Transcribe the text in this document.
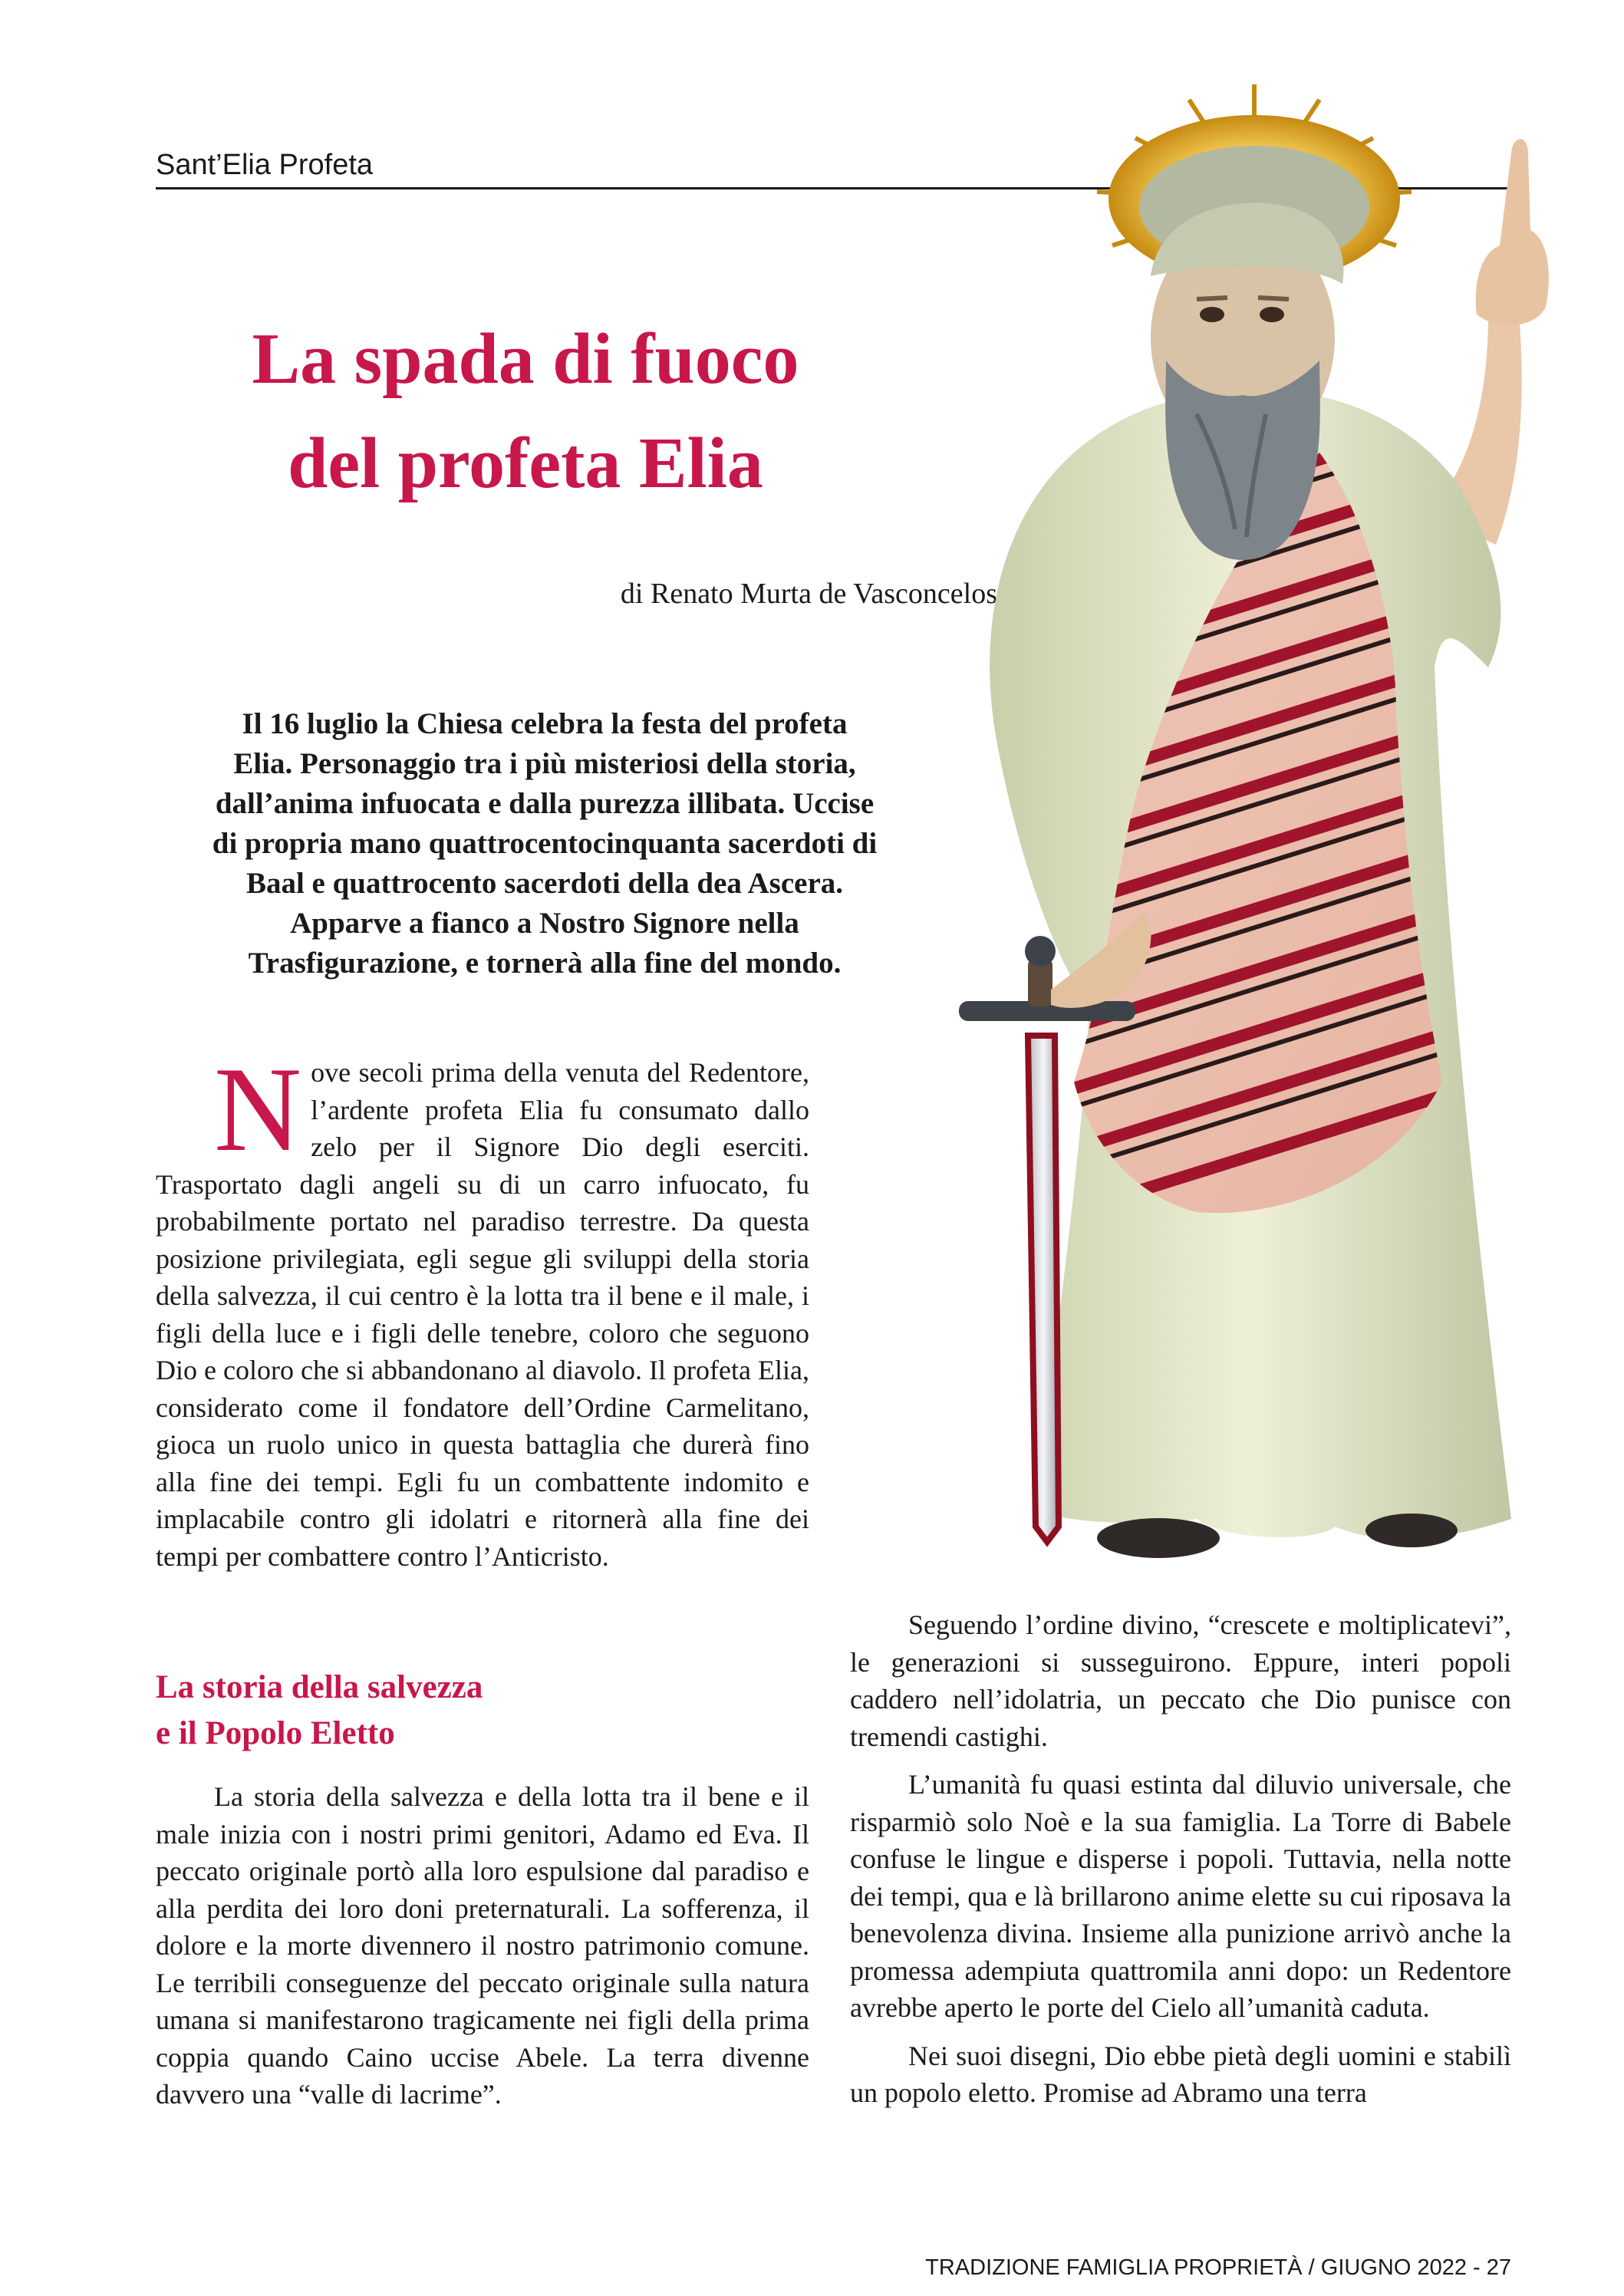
Sant’Elia Profeta
La spada di fuoco
del profeta Elia
di Renato Murta de Vasconcelos
Il 16 luglio la Chiesa celebra la festa del profeta
Elia. Personaggio tra i più misteriosi della storia,
dall’anima infuocata e dalla purezza illibata. Uccise
di propria mano quattrocentocinquanta sacerdoti di
Baal e quattrocento sacerdoti della dea Ascera.
Apparve a fianco a Nostro Signore nella
Trasfigurazione, e tornerà alla fine del mondo.
N ove secoli prima della venuta del Redentore, l’ardente profeta Elia fu consumato dallo zelo per il Signore Dio degli eserciti. Trasportato dagli angeli su di un carro infuocato, fu probabilmente portato nel paradiso terrestre. Da questa posizione privilegiata, egli segue gli sviluppi della storia della salvezza, il cui centro è la lotta tra il bene e il male, i figli della luce e i figli delle tenebre, coloro che seguono Dio e coloro che si abbandonano al diavolo. Il profeta Elia, considerato come il fondatore dell’Ordine Carmelitano, gioca un ruolo unico in questa battaglia che durerà fino alla fine dei tempi. Egli fu un combattente indomito e implacabile contro gli idolatri e ritornerà alla fine dei tempi per combattere contro l’Anticristo.

La storia della salvezza
e il Popolo Eletto

La storia della salvezza e della lotta tra il bene e il male inizia con i nostri primi genitori, Adamo ed Eva. Il peccato originale portò alla loro espulsione dal paradiso e alla perdita dei loro doni preternaturali. La sofferenza, il dolore e la morte divennero il nostro patrimonio comune. Le terribili conseguenze del peccato originale sulla natura umana si manifestarono tragicamente nei figli della prima coppia quando Caino uccise Abele. La terra divenne davvero una “valle di lacrime”.

Seguendo l’ordine divino, “crescete e moltiplicatevi”, le generazioni si susseguirono. Eppure, interi popoli caddero nell’idolatria, un peccato che Dio punisce con tremendi castighi.

L’umanità fu quasi estinta dal diluvio universale, che risparmiò solo Noè e la sua famiglia. La Torre di Babele confuse le lingue e disperse i popoli. Tuttavia, nella notte dei tempi, qua e là brillarono anime elette su cui riposava la benevolenza divina. Insieme alla punizione arrivò anche la promessa adempiuta quattromila anni dopo: un Redentore avrebbe aperto le porte del Cielo all’umanità caduta.

Nei suoi disegni, Dio ebbe pietà degli uomini e stabilì un popolo eletto. Promise ad Abramo una terra

TRADIZIONE FAMIGLIA PROPRIETÀ / GIUGNO 2022 - 27
